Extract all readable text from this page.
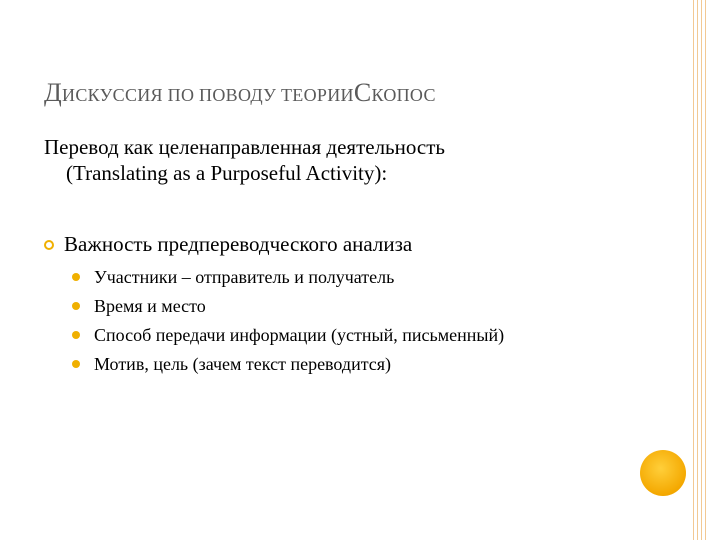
ДИСКУССИЯ ПО ПОВОДУ ТЕОРИИСКОПОС
Перевод как целенаправленная деятельность
(Translating as a Purposeful Activity):
Важность предпереводческого анализа
Участники – отправитель и получатель
Время и место
Способ передачи информации (устный, письменный)
Мотив, цель (зачем текст переводится)
